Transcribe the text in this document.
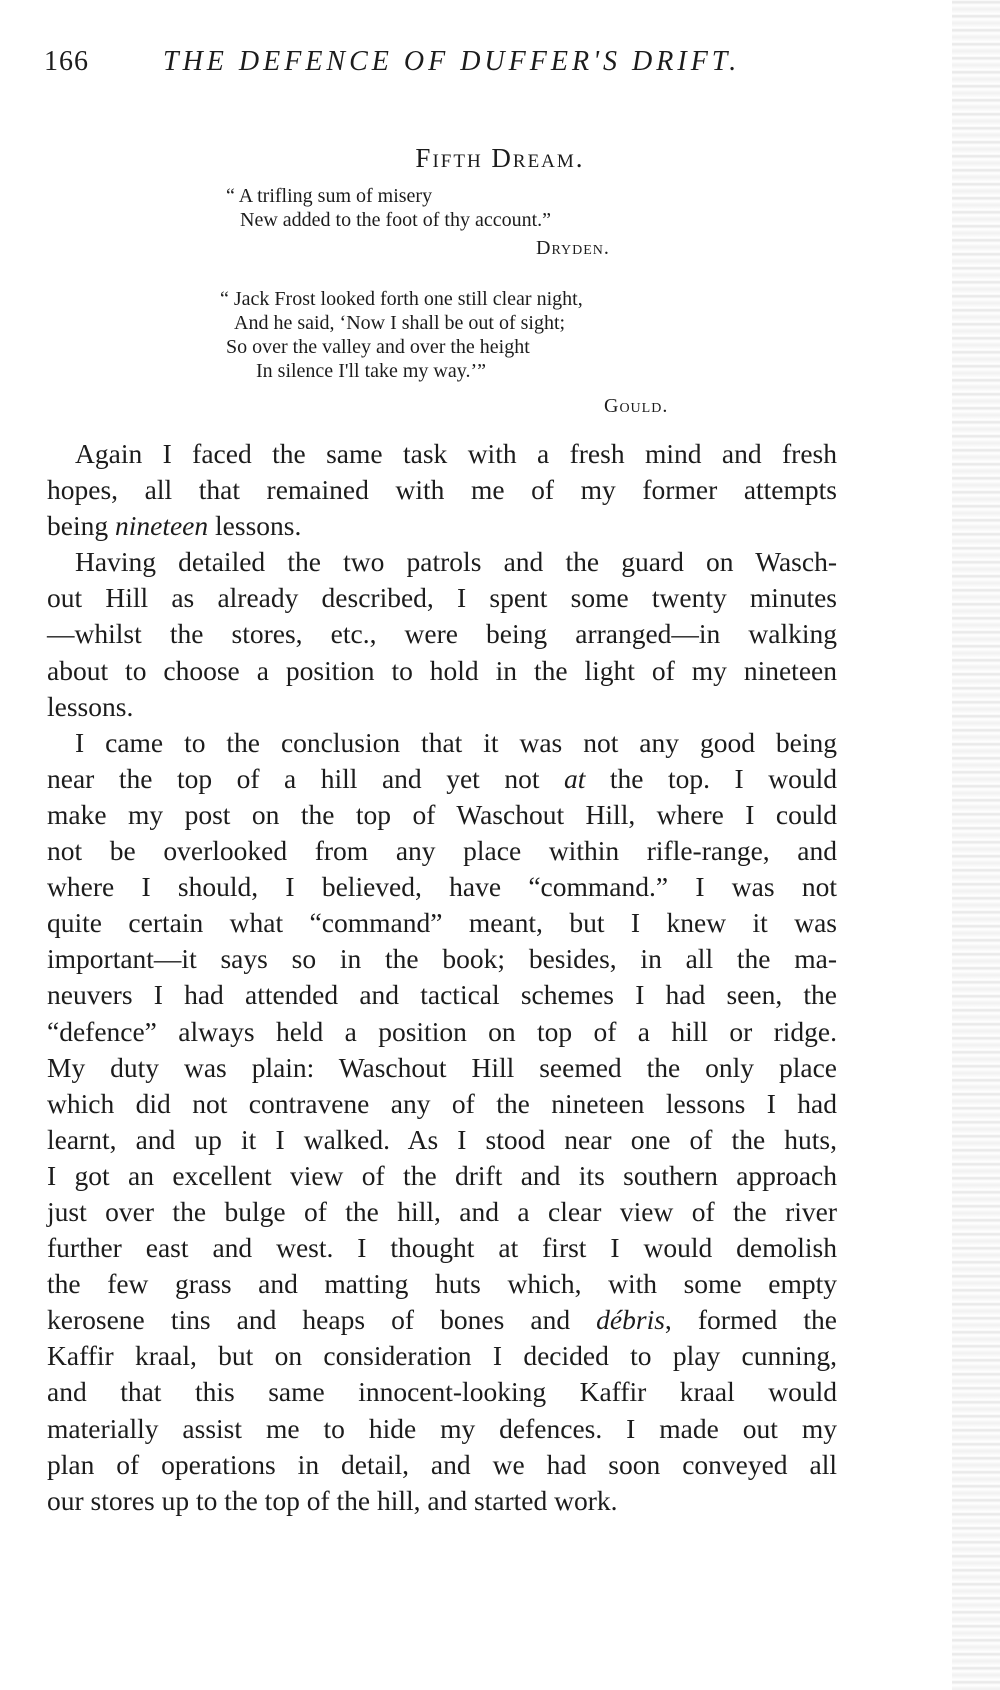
166	THE DEFENCE OF DUFFER'S DRIFT.
Fifth Dream.
“ A trifling sum of misery
New added to the foot of thy account.”
Dryden.
“ Jack Frost looked forth one still clear night,
And he said, ‘Now I shall be out of sight;
So over the valley and over the height
In silence I'll take my way.’”
Gould.
Again I faced the same task with a fresh mind and fresh
hopes, all that remained with me of my former attempts
being nineteen lessons.
Having detailed the two patrols and the guard on Wasch-
out Hill as already described, I spent some twenty minutes
—whilst the stores, etc., were being arranged—in walking
about to choose a position to hold in the light of my nineteen
lessons.
I came to the conclusion that it was not any good being
near the top of a hill and yet not at the top. I would
make my post on the top of Waschout Hill, where I could
not be overlooked from any place within rifle-range, and
where I should, I believed, have “command.” I was not
quite certain what “command” meant, but I knew it was
important—it says so in the book; besides, in all the ma-
neuvers I had attended and tactical schemes I had seen, the
“defence” always held a position on top of a hill or ridge.
My duty was plain: Waschout Hill seemed the only place
which did not contravene any of the nineteen lessons I had
learnt, and up it I walked. As I stood near one of the huts,
I got an excellent view of the drift and its southern approach
just over the bulge of the hill, and a clear view of the river
further east and west. I thought at first I would demolish
the few grass and matting huts which, with some empty
kerosene tins and heaps of bones and débris, formed the
Kaffir kraal, but on consideration I decided to play cunning,
and that this same innocent-looking Kaffir kraal would
materially assist me to hide my defences. I made out my
plan of operations in detail, and we had soon conveyed all
our stores up to the top of the hill, and started work.
